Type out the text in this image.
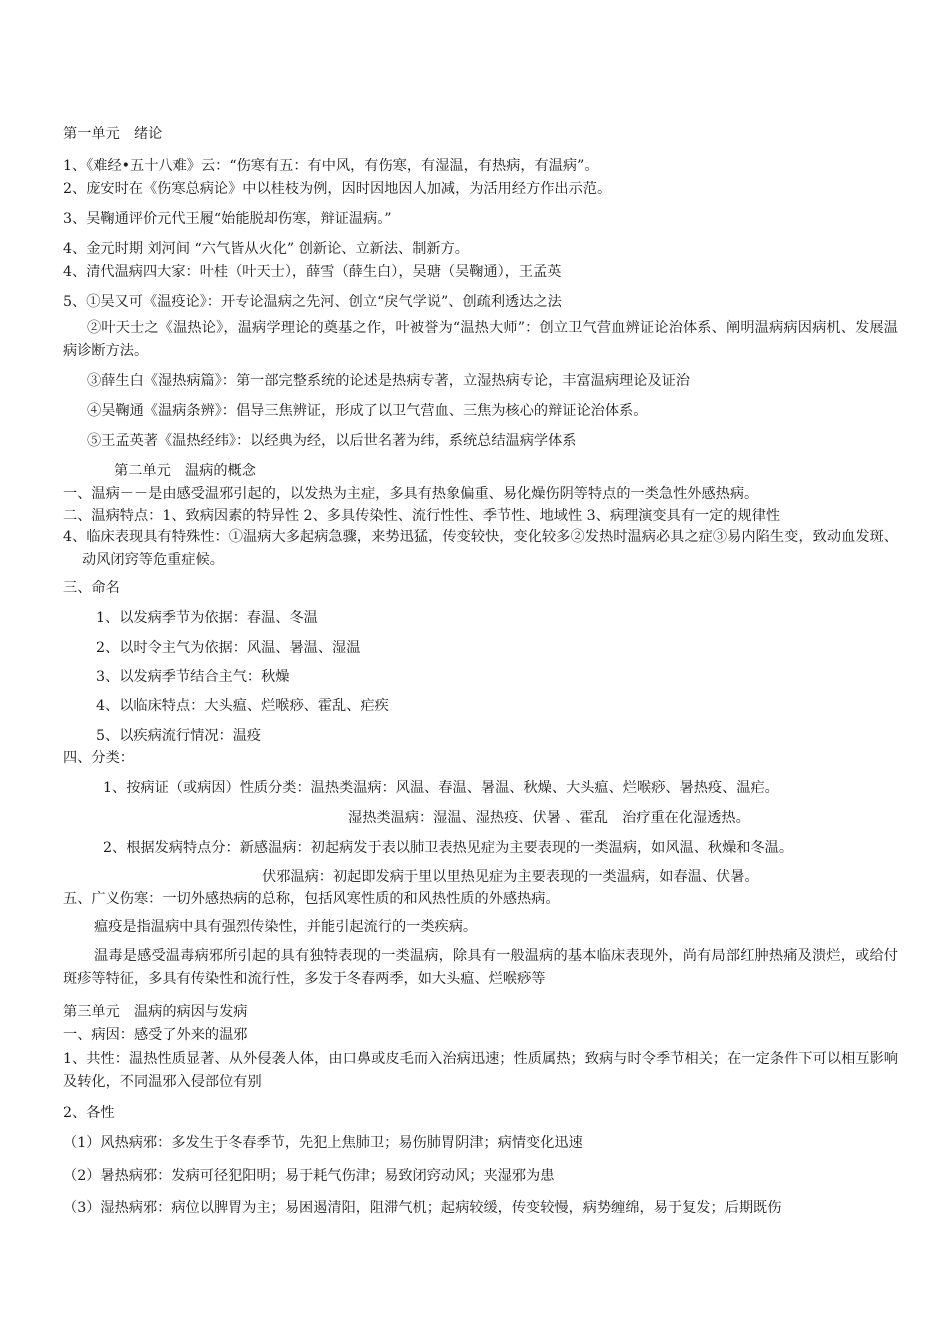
第一单元　绪论

1、《难经•五十八难》云：“伤寒有五：有中风，有伤寒，有湿温，有热病，有温病”。

2、庞安时在《伤寒总病论》中以桂枝为例，因时因地因人加减，为活用经方作出示范。

3、吴鞠通评价元代王履“始能脱却伤寒，辩证温病。”

4、金元时期 刘河间 “六气皆从火化” 创新论、立新法、制新方。

4、清代温病四大家：叶桂（叶天士），薛雪（薛生白），吴瑭（吴鞠通），王孟英

5、①吴又可《温疫论》：开专论温病之先河、创立“戾气学说”、创疏利透达之法

②叶天士之《温热论》，温病学理论的奠基之作，叶被誉为“温热大师”：创立卫气营血辨证论治体系、阐明温病病因病机、发展温病诊断方法。

③薛生白《湿热病篇》：第一部完整系统的论述是热病专著，立湿热病专论，丰富温病理论及证治

④吴鞠通《温病条辨》：倡导三焦辨证，形成了以卫气营血、三焦为核心的辩证论治体系。

⑤王孟英著《温热经纬》：以经典为经，以后世名著为纬，系统总结温病学体系

第二单元　温病的概念

一、温病－－是由感受温邪引起的，以发热为主症，多具有热象偏重、易化燥伤阴等特点的一类急性外感热病。

二、温病特点：1、致病因素的特异性 2、多具传染性、流行性性、季节性、地域性 3、病理演变具有一定的规律性

4、临床表现具有特殊性：①温病大多起病急骤，来势迅猛，传变较快，变化较多②发热时温病必具之症③易内陷生变，致动血发斑、动风闭窍等危重症候。

三、命名

1、以发病季节为依据：春温、冬温

2、以时令主气为依据：风温、暑温、湿温

3、以发病季节结合主气：秋燥

4、以临床特点：大头瘟、烂喉痧、霍乱、疟疾

5、以疾病流行情况：温疫

四、分类：

1、按病证（或病因）性质分类：温热类温病：风温、春温、暑温、秋燥、大头瘟、烂喉痧、暑热疫、温疟。

湿热类温病：湿温、湿热疫、伏暑 、霍乱　治疗重在化湿透热。

2、根据发病特点分：新感温病：初起病发于表以肺卫表热见症为主要表现的一类温病，如风温、秋燥和冬温。

伏邪温病：初起即发病于里以里热见症为主要表现的一类温病，如春温、伏暑。

五、广义伤寒：一切外感热病的总称，包括风寒性质的和风热性质的外感热病。

瘟疫是指温病中具有强烈传染性，并能引起流行的一类疾病。

温毒是感受温毒病邪所引起的具有独特表现的一类温病，除具有一般温病的基本临床表现外，尚有局部红肿热痛及溃烂，或给付斑疹等特征，多具有传染性和流行性，多发于冬春两季，如大头瘟、烂喉痧等

第三单元　温病的病因与发病

一、病因：感受了外来的温邪

1、共性：温热性质显著、从外侵袭人体，由口鼻或皮毛而入治病迅速；性质属热；致病与时令季节相关；在一定条件下可以相互影响及转化，不同温邪入侵部位有别

2、各性

（1）风热病邪：多发生于冬春季节，先犯上焦肺卫；易伤肺胃阴津；病情变化迅速

（2）暑热病邪：发病可径犯阳明；易于耗气伤津；易致闭窍动风；夹湿邪为患

（3）湿热病邪：病位以脾胃为主；易困遏清阳，阻滞气机；起病较缓，传变较慢，病势缠绵，易于复发；后期既伤
